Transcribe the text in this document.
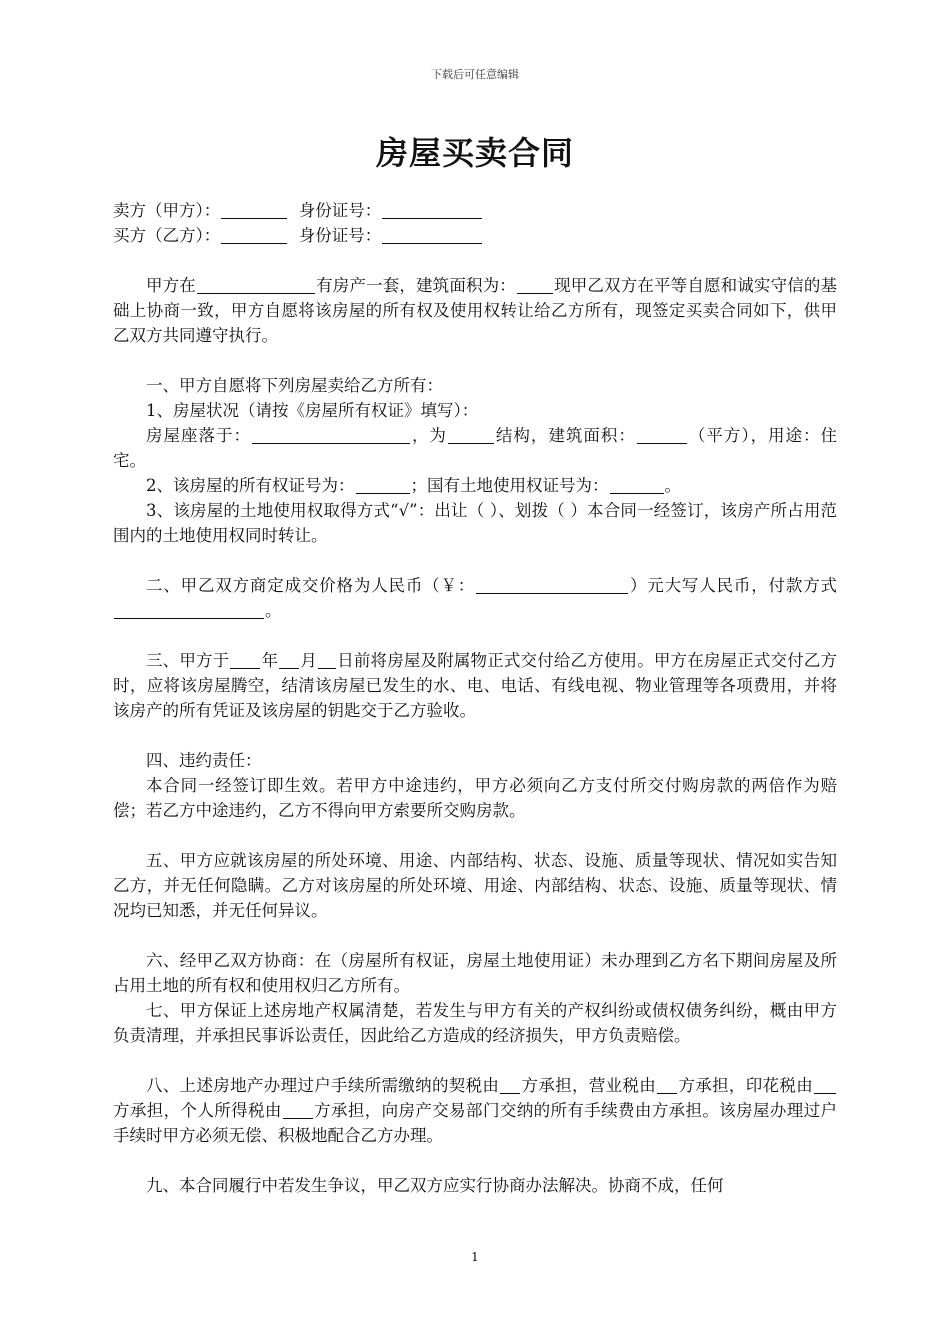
下载后可任意编辑
房屋买卖合同

卖方（甲方）：	身份证号：

买方（乙方）：	身份证号：

甲方在	有房产一套，建筑面积为： 现甲乙双方在平等自愿和诚实守信的基础上协商一致，甲方自愿将该房屋的所有权及使用权转让给乙方所有，现签定买卖合同如下，供甲乙双方共同遵守执行。

一、甲方自愿将下列房屋卖给乙方所有：

1、房屋状况（请按《房屋所有权证》填写）：

房屋座落于：	，为	结构，建筑面积：	（平方），用途：住宅。

2、该房屋的所有权证号为：	；国有土地使用权证号为：	。

3、该房屋的土地使用权取得方式“√”：出让（ ）、划拨（ ）本合同一经签订，该房产所占用范围内的土地使用权同时转让。

二、甲乙双方商定成交价格为人民币（￥：	）元大写人民币，付款方式。

三、甲方于 年 月 日前将房屋及附属物正式交付给乙方使用。甲方在房屋正式交付乙方时，应将该房屋腾空，结清该房屋已发生的水、电、电话、有线电视、物业管理等各项费用，并将该房产的所有凭证及该房屋的钥匙交于乙方验收。

四、违约责任：

本合同一经签订即生效。若甲方中途违约，甲方必须向乙方支付所交付购房款的两倍作为赔偿；若乙方中途违约，乙方不得向甲方索要所交购房款。

五、甲方应就该房屋的所处环境、用途、内部结构、状态、设施、质量等现状、情况如实告知乙方，并无任何隐瞒。乙方对该房屋的所处环境、用途、内部结构、状态、设施、质量等现状、情况均已知悉，并无任何异议。

六、经甲乙双方协商：在（房屋所有权证，房屋土地使用证）未办理到乙方名下期间房屋及所占用土地的所有权和使用权归乙方所有。

七、甲方保证上述房地产权属清楚，若发生与甲方有关的产权纠纷或债权债务纠纷，概由甲方负责清理，并承担民事诉讼责任，因此给乙方造成的经济损失，甲方负责赔偿。

八、上述房地产办理过户手续所需缴纳的契税由 方承担，营业税由 方承担，印花税由方承担，个人所得税由 方承担，向房产交易部门交纳的所有手续费由方承担。该房屋办理过户手续时甲方必须无偿、积极地配合乙方办理。

九、本合同履行中若发生争议，甲乙双方应实行协商办法解决。协商不成，任何

1
